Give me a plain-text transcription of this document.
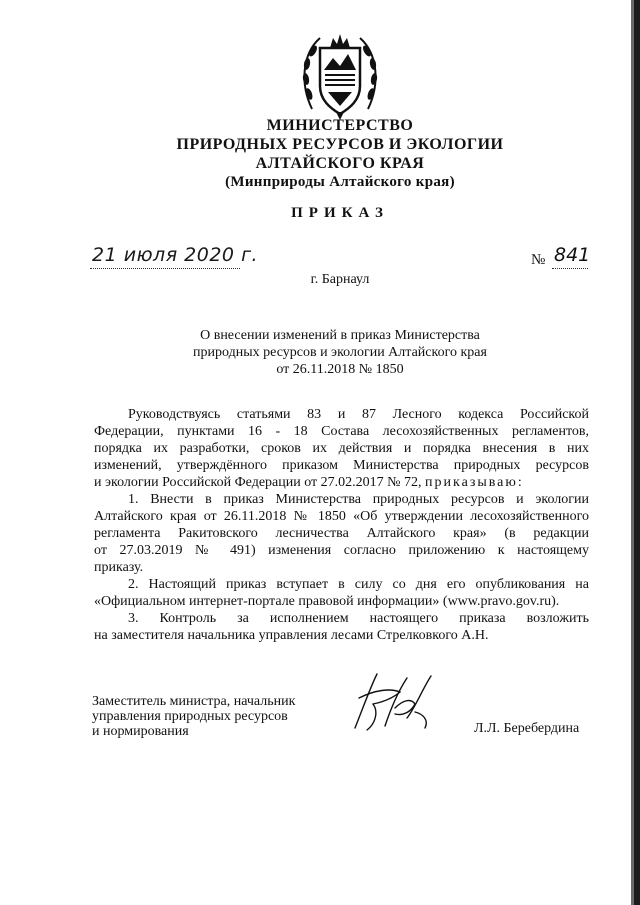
МИНИСТЕРСТВО
ПРИРОДНЫХ РЕСУРСОВ И ЭКОЛОГИИ
АЛТАЙСКОГО КРАЯ
(Минприроды Алтайского края)
ПРИКАЗ
21 июля 2020 г.	№ 841
г. Барнаул
О внесении изменений в приказ Министерства
природных ресурсов и экологии Алтайского края
от 26.11.2018 № 1850
Руководствуясь статьями 83 и 87 Лесного кодекса Российской
Федерации, пунктами 16 - 18 Состава лесохозяйственных регламентов,
порядка их разработки, сроков их действия и порядка внесения в них
изменений, утверждённого приказом Министерства природных ресурсов
и экологии Российской Федерации от 27.02.2017 № 72, приказываю:
1. Внести в приказ Министерства природных ресурсов и экологии
Алтайского края от 26.11.2018 № 1850 «Об утверждении лесохозяйственного
регламента Ракитовского лесничества Алтайского края» (в редакции
от 27.03.2019 № 491) изменения согласно приложению к настоящему
приказу.
2. Настоящий приказ вступает в силу со дня его опубликования на
«Официальном интернет-портале правовой информации» (www.pravo.gov.ru).
3. Контроль за исполнением настоящего приказа возложить
на заместителя начальника управления лесами Стрелковкого А.Н.
Заместитель министра, начальник
управления природных ресурсов
и нормирования	Л.Л. Беребердина
